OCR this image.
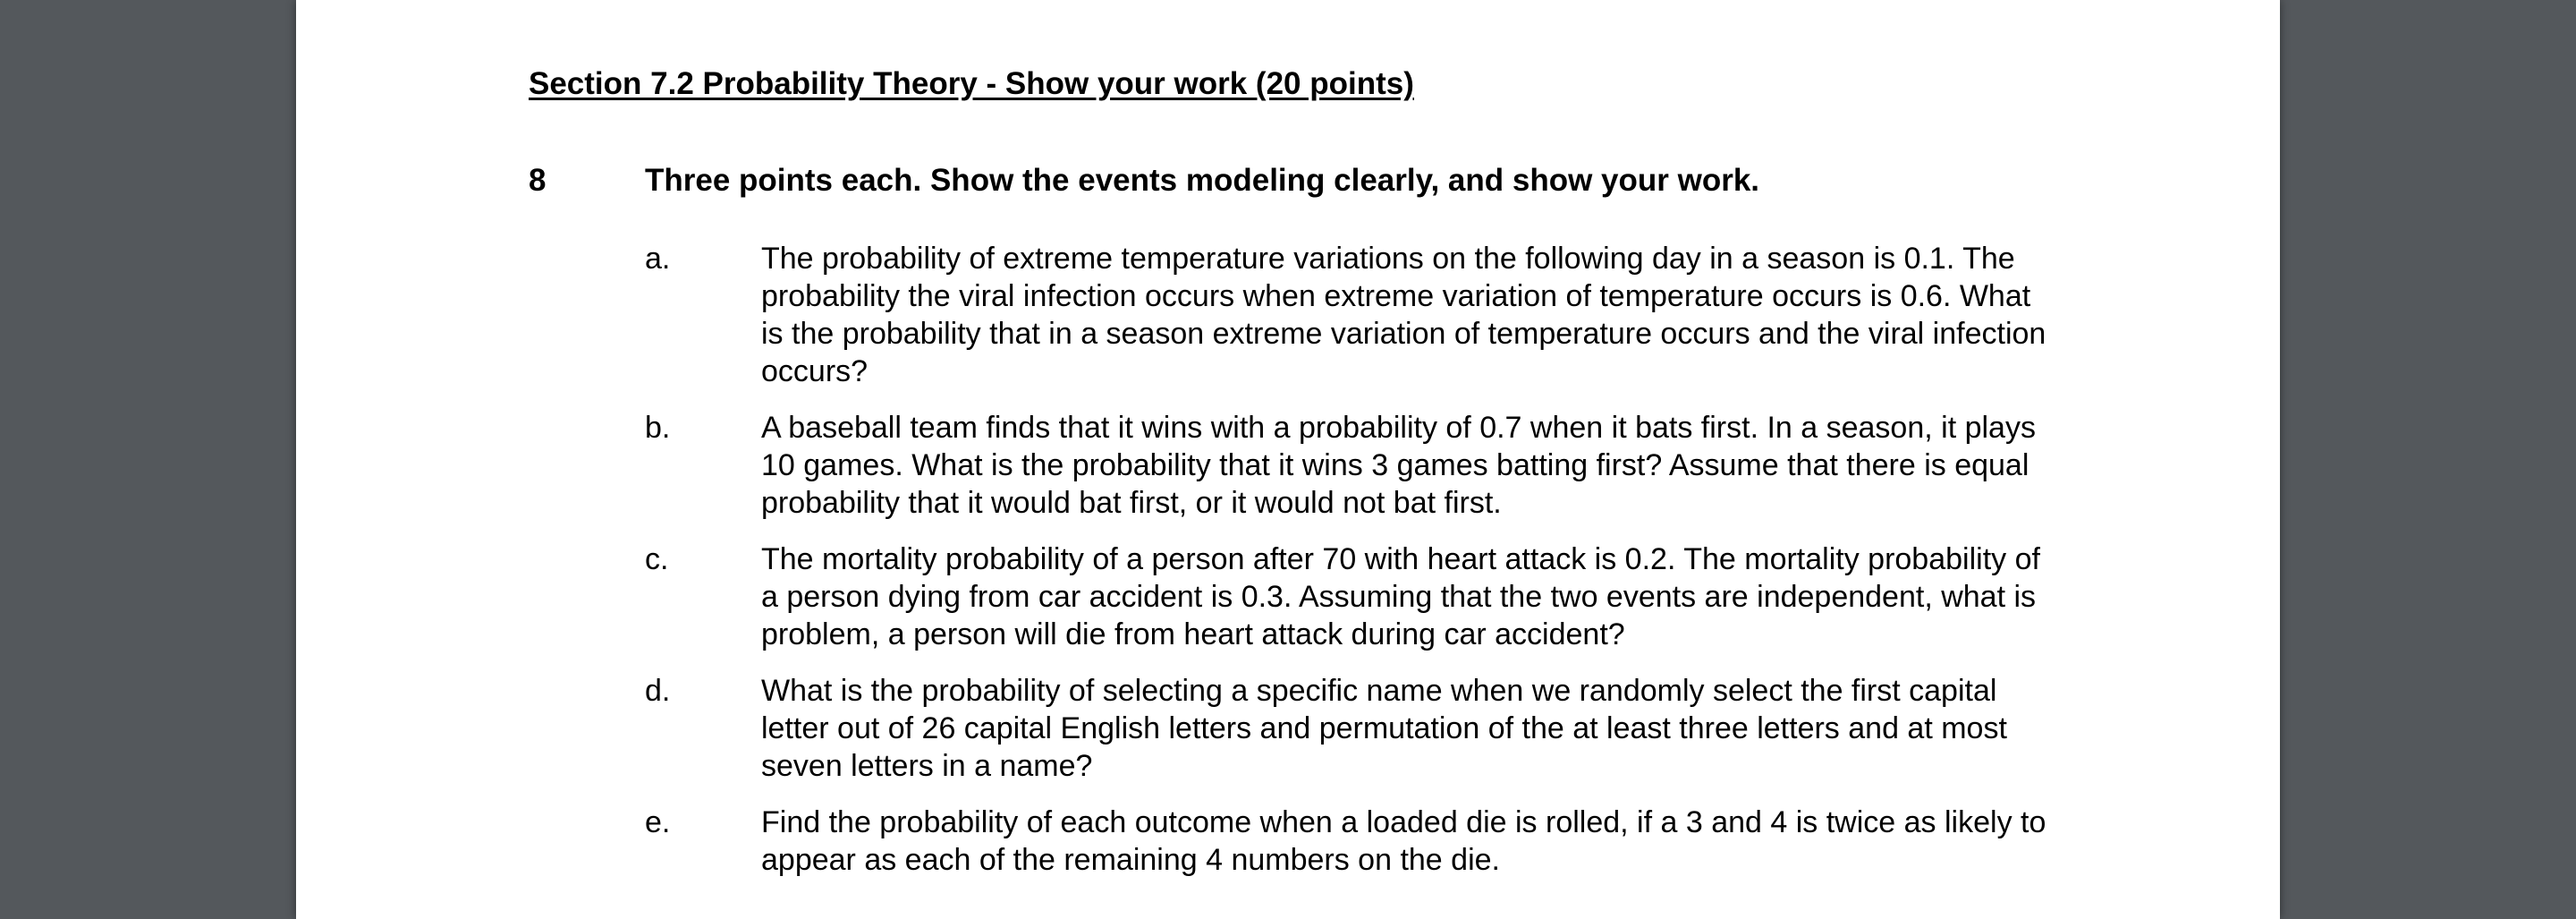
Section 7.2 Probability Theory - Show your work (20 points)
8	Three points each. Show the events modeling clearly, and show your work.
a.	The probability of extreme temperature variations on the following day in a season is 0.1. The probability the viral infection occurs when extreme variation of temperature occurs is 0.6. What is the probability that in a season extreme variation of temperature occurs and the viral infection occurs?
b.	A baseball team finds that it wins with a probability of 0.7 when it bats first. In a season, it plays 10 games. What is the probability that it wins 3 games batting first? Assume that there is equal probability that it would bat first, or it would not bat first.
c.	The mortality probability of a person after 70 with heart attack is 0.2. The mortality probability of a person dying from car accident is 0.3. Assuming that the two events are independent, what is problem, a person will die from heart attack during car accident?
d.	What is the probability of selecting a specific name when we randomly select the first capital letter out of 26 capital English letters and permutation of the at least three letters and at most seven letters in a name?
e.	Find the probability of each outcome when a loaded die is rolled, if a 3 and 4 is twice as likely to appear as each of the remaining 4 numbers on the die.
